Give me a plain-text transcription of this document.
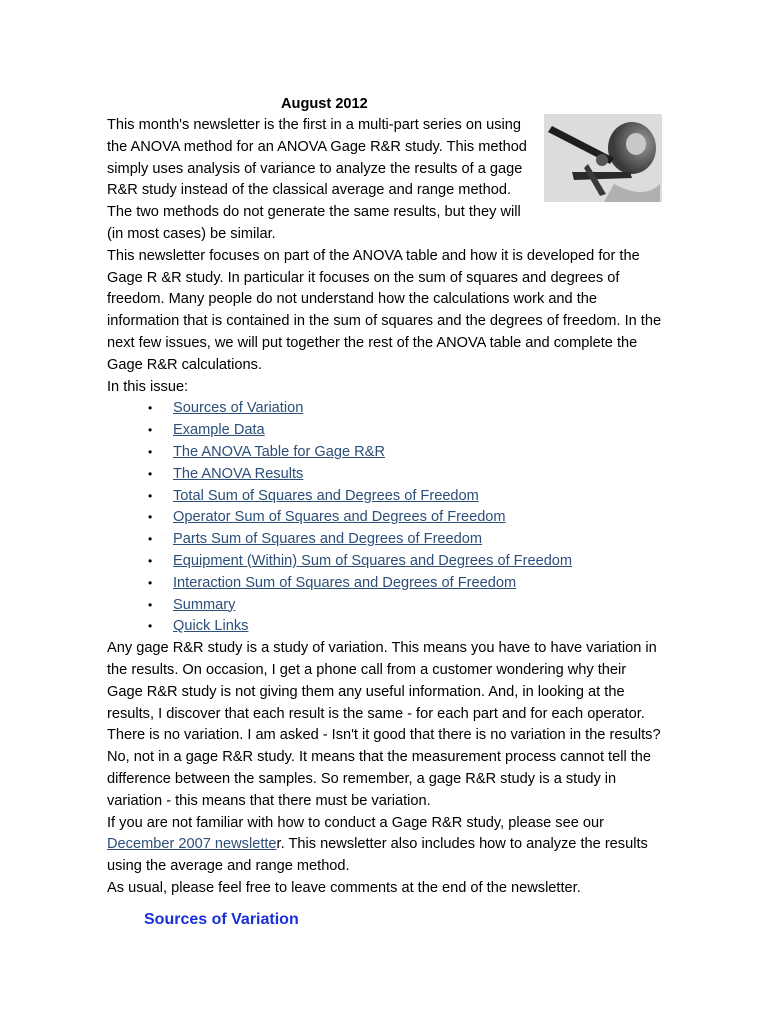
August 2012

This month's newsletter is the first in a multi-part series on using the ANOVA method for an ANOVA Gage R&R study. This method simply uses analysis of variance to analyze the results of a gage R&R study instead of the classical average and range method. The two methods do not generate the same results, but they will (in most cases) be similar.

This newsletter focuses on part of the ANOVA table and how it is developed for the Gage R &R study. In particular it focuses on the sum of squares and degrees of freedom. Many people do not understand how the calculations work and the information that is contained in the sum of squares and the degrees of freedom. In the next few issues, we will put together the rest of the ANOVA table and complete the Gage R&R calculations.

In this issue:

• Sources of Variation
• Example Data
• The ANOVA Table for Gage R&R
• The ANOVA Results
• Total Sum of Squares and Degrees of Freedom
• Operator Sum of Squares and Degrees of Freedom
• Parts Sum of Squares and Degrees of Freedom
• Equipment (Within) Sum of Squares and Degrees of Freedom
• Interaction Sum of Squares and Degrees of Freedom
• Summary
• Quick Links

Any gage R&R study is a study of variation. This means you have to have variation in the results. On occasion, I get a phone call from a customer wondering why their Gage R&R study is not giving them any useful information. And, in looking at the results, I discover that each result is the same - for each part and for each operator. There is no variation. I am asked - Isn't it good that there is no variation in the results? No, not in a gage R&R study. It means that the measurement process cannot tell the difference between the samples. So remember, a gage R&R study is a study in variation - this means that there must be variation.

If you are not familiar with how to conduct a Gage R&R study, please see our December 2007 newsletter. This newsletter also includes how to analyze the results using the average and range method.

As usual, please feel free to leave comments at the end of the newsletter.

Sources of Variation
